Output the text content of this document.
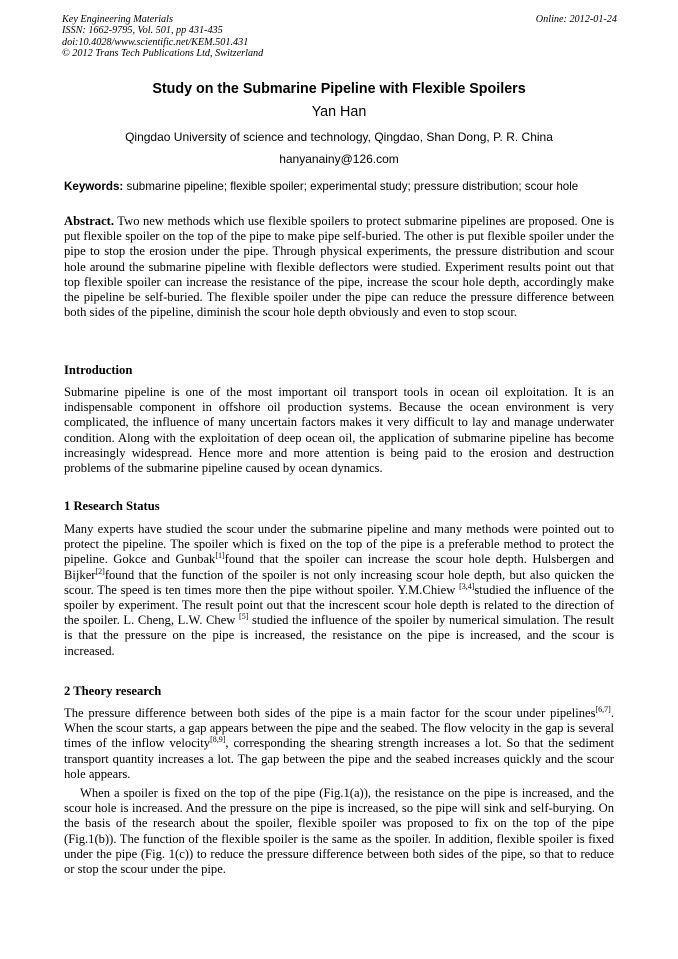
Key Engineering Materials
ISSN: 1662-9795, Vol. 501, pp 431-435
doi:10.4028/www.scientific.net/KEM.501.431
© 2012 Trans Tech Publications Ltd, Switzerland
Online: 2012-01-24
Study on the Submarine Pipeline with Flexible Spoilers
Yan Han
Qingdao University of science and technology, Qingdao, Shan Dong, P. R. China
hanyanainy@126.com
Keywords: submarine pipeline; flexible spoiler; experimental study; pressure distribution; scour hole
Abstract. Two new methods which use flexible spoilers to protect submarine pipelines are proposed. One is put flexible spoiler on the top of the pipe to make pipe self-buried. The other is put flexible spoiler under the pipe to stop the erosion under the pipe. Through physical experiments, the pressure distribution and scour hole around the submarine pipeline with flexible deflectors were studied. Experiment results point out that top flexible spoiler can increase the resistance of the pipe, increase the scour hole depth, accordingly make the pipeline be self-buried. The flexible spoiler under the pipe can reduce the pressure difference between both sides of the pipeline, diminish the scour hole depth obviously and even to stop scour.
Introduction
Submarine pipeline is one of the most important oil transport tools in ocean oil exploitation. It is an indispensable component in offshore oil production systems. Because the ocean environment is very complicated, the influence of many uncertain factors makes it very difficult to lay and manage underwater condition. Along with the exploitation of deep ocean oil, the application of submarine pipeline has become increasingly widespread. Hence more and more attention is being paid to the erosion and destruction problems of the submarine pipeline caused by ocean dynamics.
1 Research Status
Many experts have studied the scour under the submarine pipeline and many methods were pointed out to protect the pipeline. The spoiler which is fixed on the top of the pipe is a preferable method to protect the pipeline. Gokce and Gunbak[1]found that the spoiler can increase the scour hole depth. Hulsbergen and Bijker[2]found that the function of the spoiler is not only increasing scour hole depth, but also quicken the scour. The speed is ten times more then the pipe without spoiler. Y.M.Chiew [3,4]studied the influence of the spoiler by experiment. The result point out that the increscent scour hole depth is related to the direction of the spoiler. L. Cheng, L.W. Chew [5] studied the influence of the spoiler by numerical simulation. The result is that the pressure on the pipe is increased, the resistance on the pipe is increased, and the scour is increased.
2 Theory research
The pressure difference between both sides of the pipe is a main factor for the scour under pipelines[6,7]. When the scour starts, a gap appears between the pipe and the seabed. The flow velocity in the gap is several times of the inflow velocity[8,9], corresponding the shearing strength increases a lot. So that the sediment transport quantity increases a lot. The gap between the pipe and the seabed increases quickly and the scour hole appears.
When a spoiler is fixed on the top of the pipe (Fig.1(a)), the resistance on the pipe is increased, and the scour hole is increased. And the pressure on the pipe is increased, so the pipe will sink and self-burying. On the basis of the research about the spoiler, flexible spoiler was proposed to fix on the top of the pipe (Fig.1(b)). The function of the flexible spoiler is the same as the spoiler. In addition, flexible spoiler is fixed under the pipe (Fig. 1(c)) to reduce the pressure difference between both sides of the pipe, so that to reduce or stop the scour under the pipe.
